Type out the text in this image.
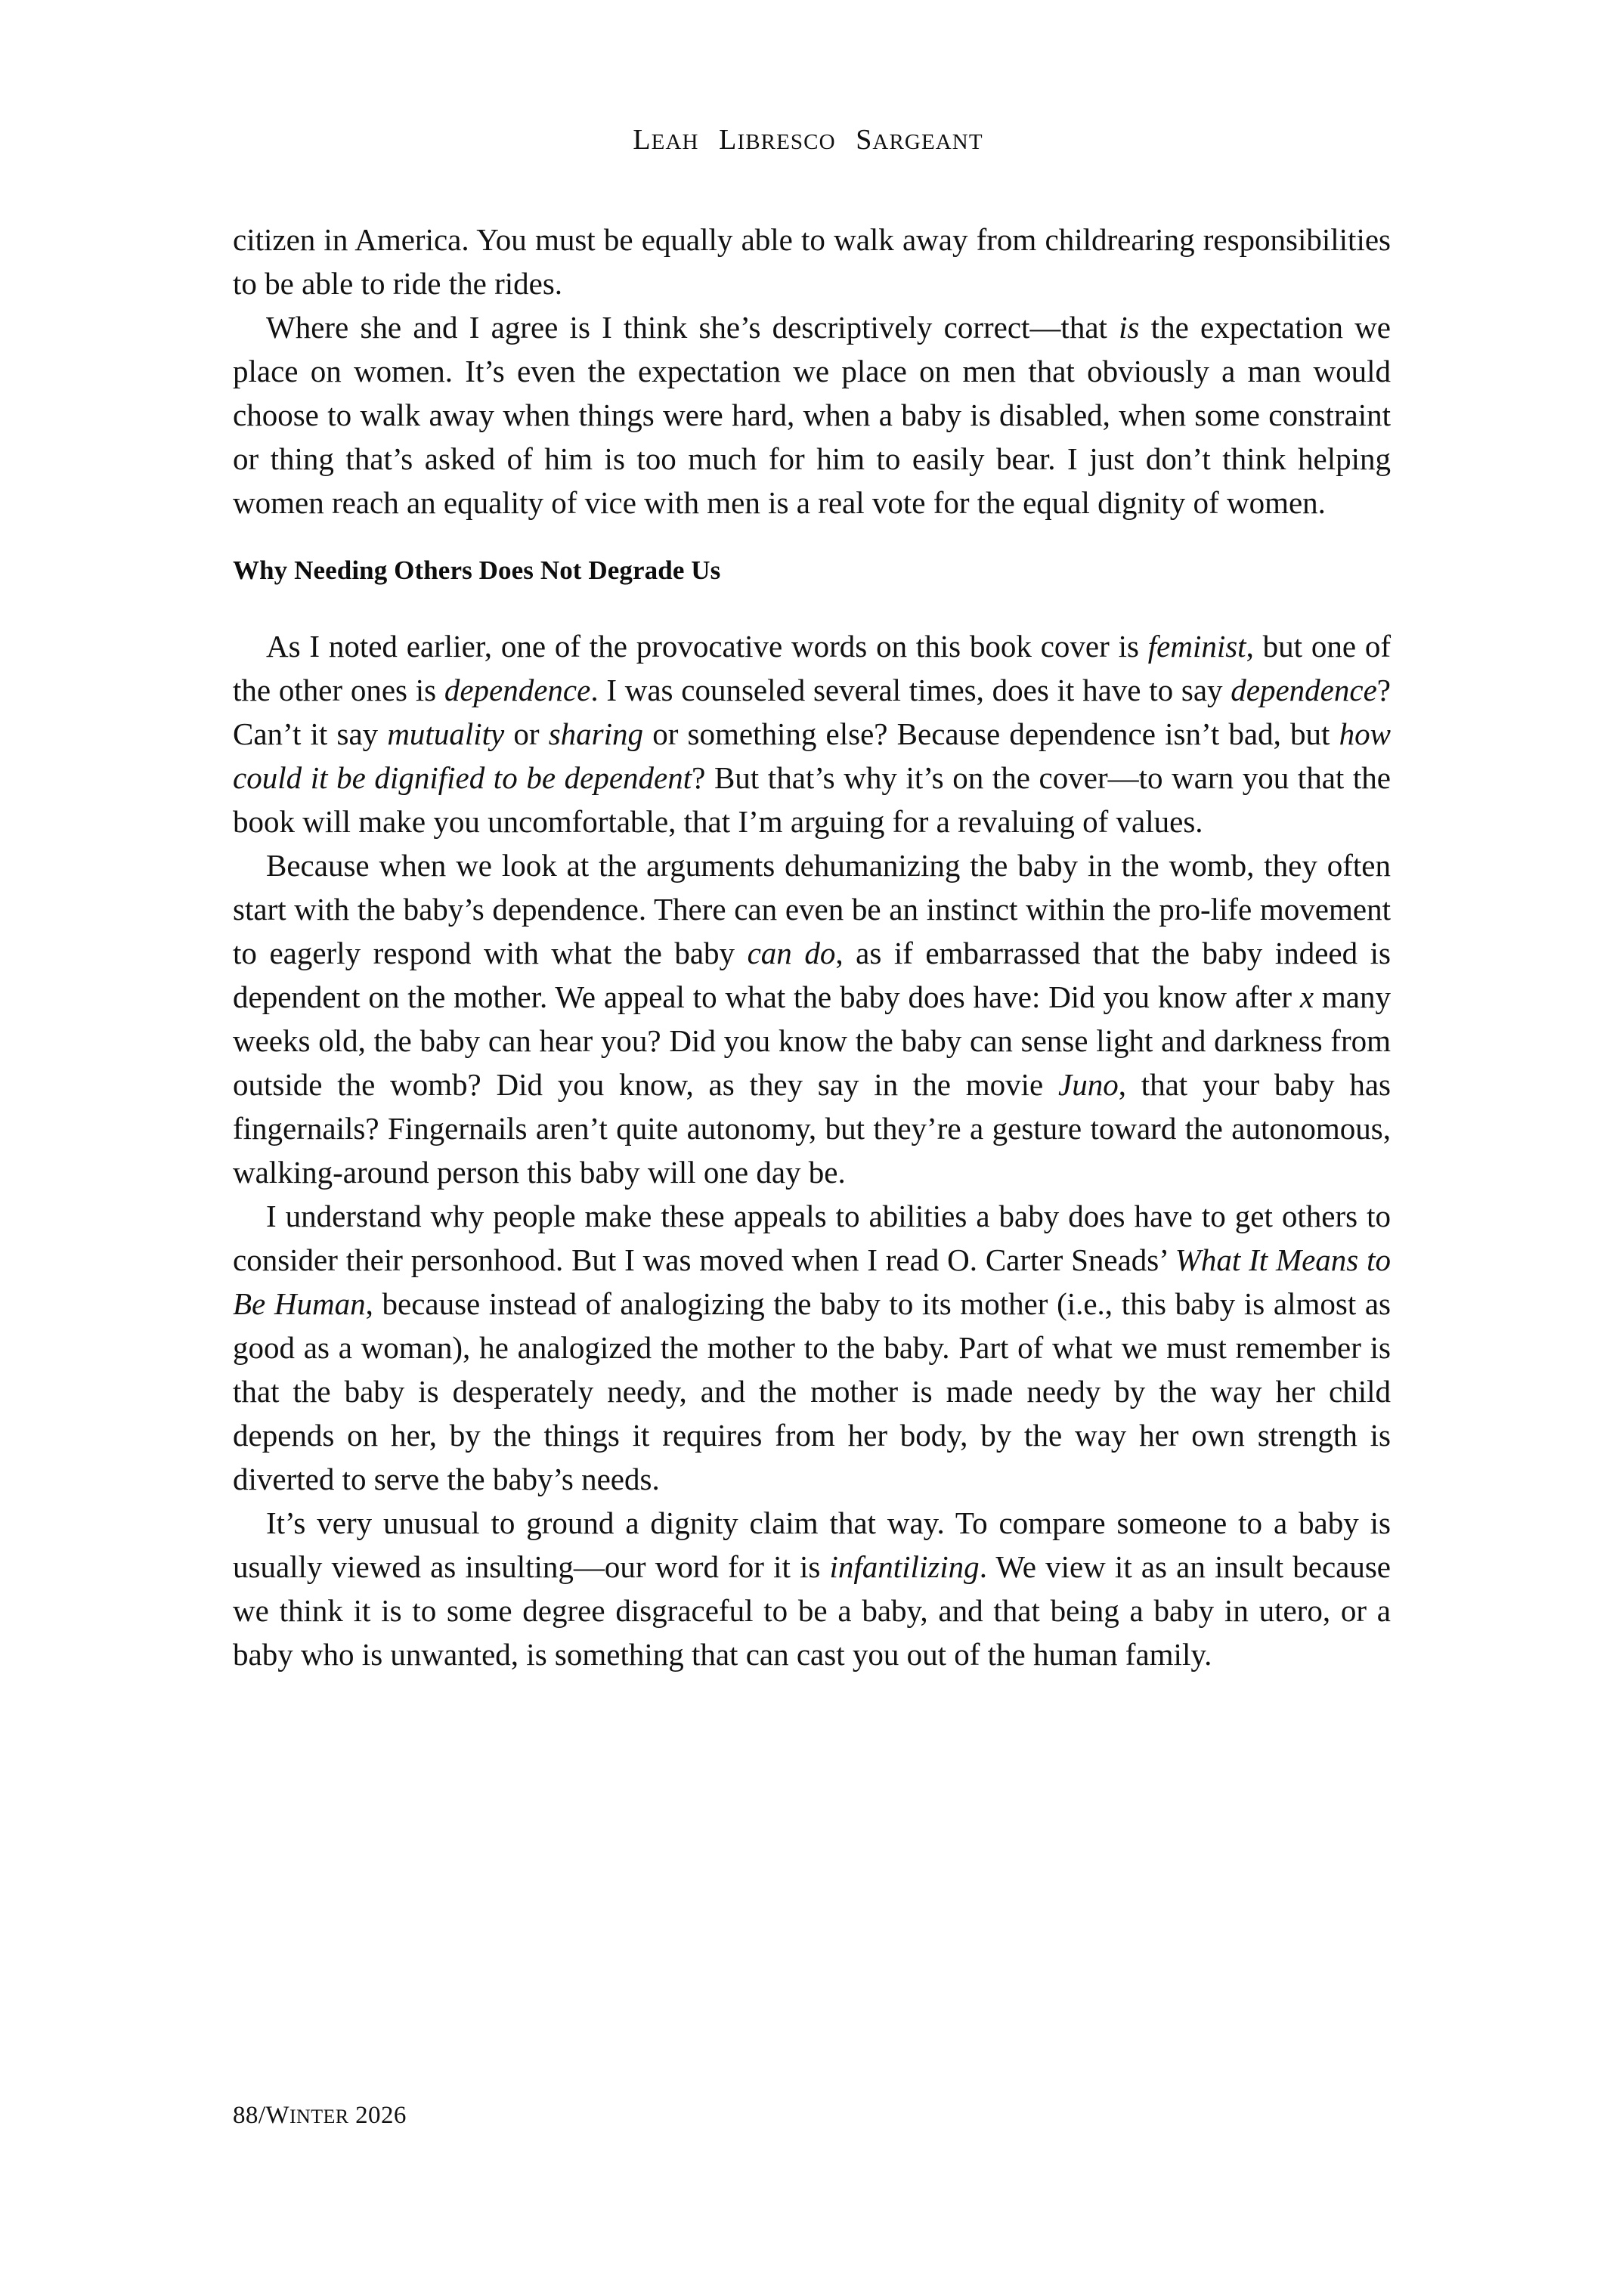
LEAH LIBRESCO SARGEANT

citizen in America. You must be equally able to walk away from childrearing responsibilities to be able to ride the rides.

Where she and I agree is I think she’s descriptively correct—that is the expectation we place on women. It’s even the expectation we place on men that obviously a man would choose to walk away when things were hard, when a baby is disabled, when some constraint or thing that’s asked of him is too much for him to easily bear. I just don’t think helping women reach an equality of vice with men is a real vote for the equal dignity of women.

Why Needing Others Does Not Degrade Us

As I noted earlier, one of the provocative words on this book cover is feminist, but one of the other ones is dependence. I was counseled several times, does it have to say dependence? Can’t it say mutuality or sharing or something else? Because dependence isn’t bad, but how could it be dignified to be dependent? But that’s why it’s on the cover—to warn you that the book will make you uncomfortable, that I’m arguing for a revaluing of values.

Because when we look at the arguments dehumanizing the baby in the womb, they often start with the baby’s dependence. There can even be an instinct within the pro-life movement to eagerly respond with what the baby can do, as if embarrassed that the baby indeed is dependent on the mother. We appeal to what the baby does have: Did you know after x many weeks old, the baby can hear you? Did you know the baby can sense light and darkness from outside the womb? Did you know, as they say in the movie Juno, that your baby has fingernails? Fingernails aren’t quite autonomy, but they’re a gesture toward the autonomous, walking-around person this baby will one day be.

I understand why people make these appeals to abilities a baby does have to get others to consider their personhood. But I was moved when I read O. Carter Sneads’ What It Means to Be Human, because instead of analogizing the baby to its mother (i.e., this baby is almost as good as a woman), he analogized the mother to the baby. Part of what we must remember is that the baby is desperately needy, and the mother is made needy by the way her child depends on her, by the things it requires from her body, by the way her own strength is diverted to serve the baby’s needs.

It’s very unusual to ground a dignity claim that way. To compare someone to a baby is usually viewed as insulting—our word for it is infantilizing. We view it as an insult because we think it is to some degree disgraceful to be a baby, and that being a baby in utero, or a baby who is unwanted, is something that can cast you out of the human family.

88/WINTER 2026
